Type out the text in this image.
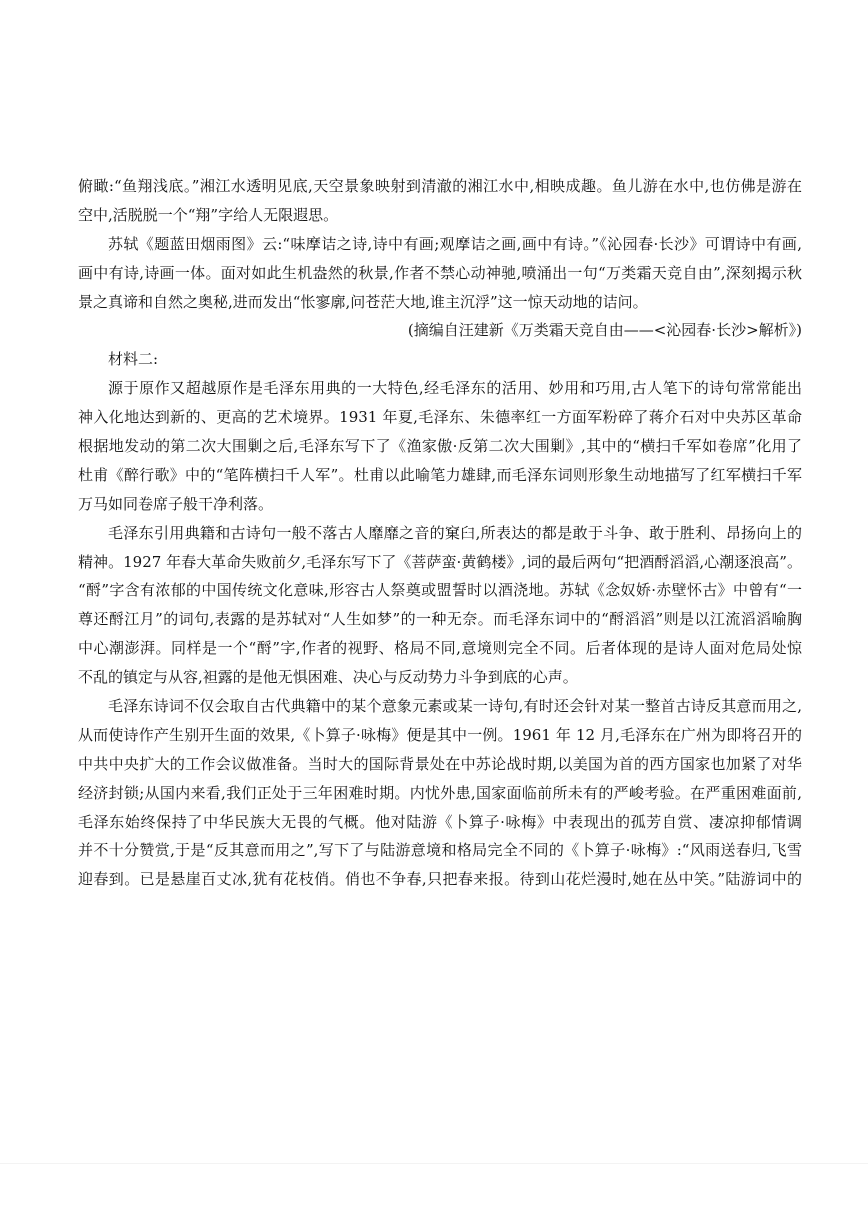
俯瞰:“鱼翔浅底。”湘江水透明见底,天空景象映射到清澈的湘江水中,相映成趣。鱼儿游在水中,也仿佛是游在
空中,活脱脱一个“翔”字给人无限遐思。
苏轼《题蓝田烟雨图》云:“味摩诘之诗,诗中有画;观摩诘之画,画中有诗。”《沁园春·长沙》可谓诗中有画,
画中有诗,诗画一体。面对如此生机盎然的秋景,作者不禁心动神驰,喷涌出一句“万类霜天竞自由”,深刻揭示秋
景之真谛和自然之奥秘,进而发出“怅寥廓,问苍茫大地,谁主沉浮”这一惊天动地的诘问。
(摘编自汪建新《万类霜天竞自由——<沁园春·长沙>解析》)
材料二:
源于原作又超越原作是毛泽东用典的一大特色,经毛泽东的活用、妙用和巧用,古人笔下的诗句常常能出
神入化地达到新的、更高的艺术境界。1931 年夏,毛泽东、朱德率红一方面军粉碎了蒋介石对中央苏区革命
根据地发动的第二次大围剿之后,毛泽东写下了《渔家傲·反第二次大围剿》,其中的“横扫千军如卷席”化用了
杜甫《醉行歌》中的“笔阵横扫千人军”。杜甫以此喻笔力雄肆,而毛泽东词则形象生动地描写了红军横扫千军
万马如同卷席子般干净利落。
毛泽东引用典籍和古诗句一般不落古人靡靡之音的窠臼,所表达的都是敢于斗争、敢于胜利、昂扬向上的
精神。1927 年春大革命失败前夕,毛泽东写下了《菩萨蛮·黄鹤楼》,词的最后两句“把酒酹滔滔,心潮逐浪高”。
“酹”字含有浓郁的中国传统文化意味,形容古人祭奠或盟誓时以酒浇地。苏轼《念奴娇·赤壁怀古》中曾有“一
尊还酹江月”的词句,表露的是苏轼对“人生如梦”的一种无奈。而毛泽东词中的“酹滔滔”则是以江流滔滔喻胸
中心潮澎湃。同样是一个“酹”字,作者的视野、格局不同,意境则完全不同。后者体现的是诗人面对危局处惊
不乱的镇定与从容,袒露的是他无惧困难、决心与反动势力斗争到底的心声。
毛泽东诗词不仅会取自古代典籍中的某个意象元素或某一诗句,有时还会针对某一整首古诗反其意而用之,
从而使诗作产生别开生面的效果,《卜算子·咏梅》便是其中一例。1961 年 12 月,毛泽东在广州为即将召开的
中共中央扩大的工作会议做准备。当时大的国际背景处在中苏论战时期,以美国为首的西方国家也加紧了对华
经济封锁;从国内来看,我们正处于三年困难时期。内忧外患,国家面临前所未有的严峻考验。在严重困难面前,
毛泽东始终保持了中华民族大无畏的气概。他对陆游《卜算子·咏梅》中表现出的孤芳自赏、凄凉抑郁情调
并不十分赞赏,于是“反其意而用之”,写下了与陆游意境和格局完全不同的《卜算子·咏梅》:“风雨送春归,飞雪
迎春到。已是悬崖百丈冰,犹有花枝俏。俏也不争春,只把春来报。待到山花烂漫时,她在丛中笑。”陆游词中的
